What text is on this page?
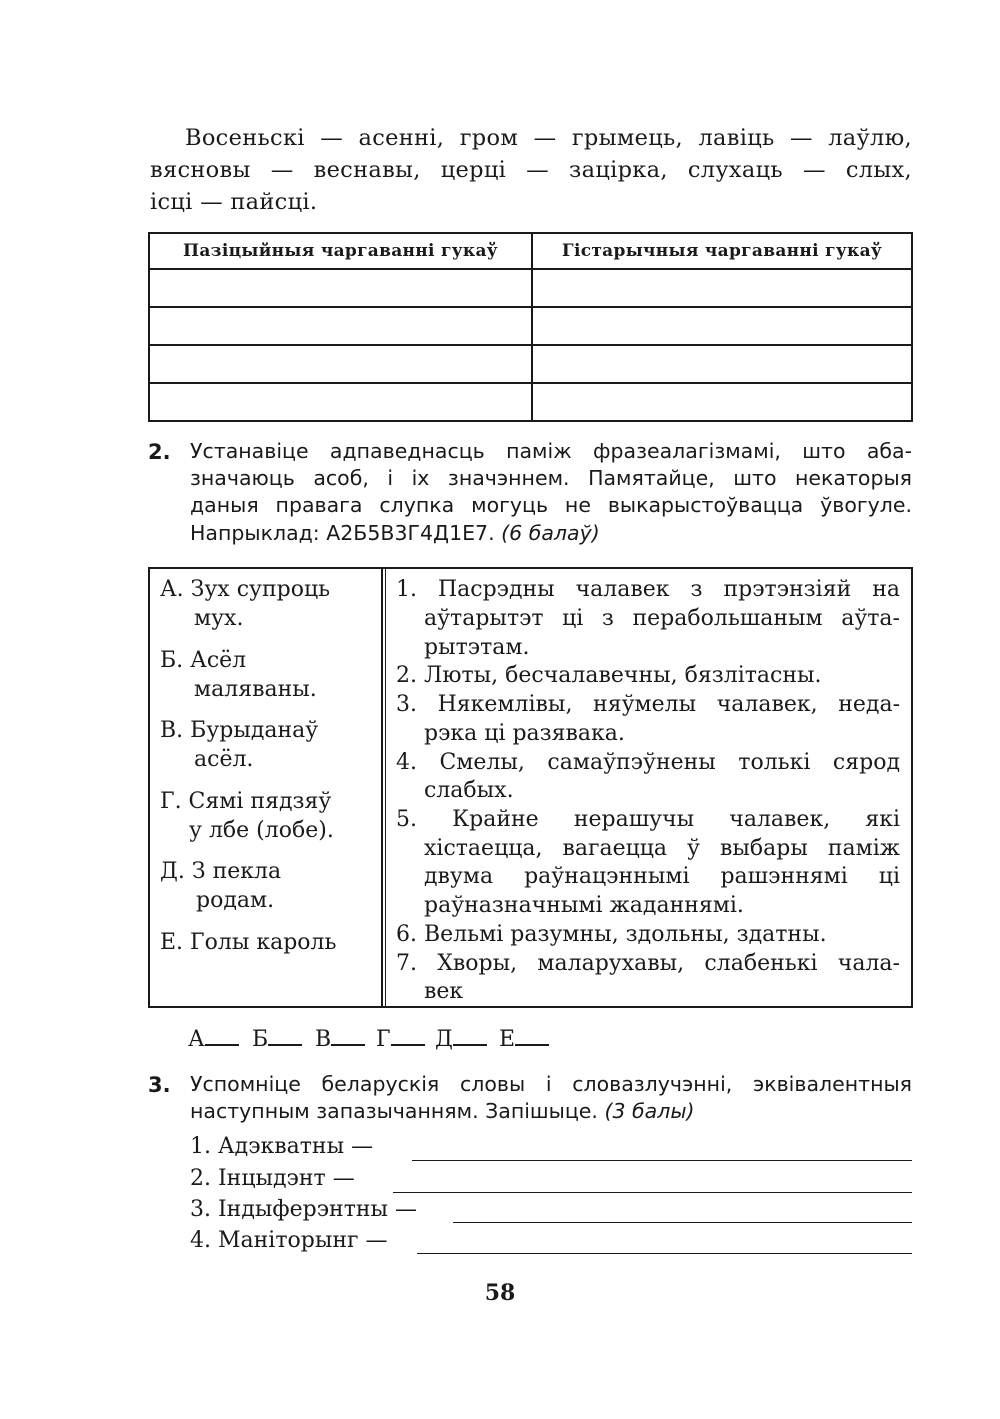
Восеньскі — асенні, гром — грымець, лавіць — лаўлю,
вясновы — веснавы, церці — зацірка, слухаць — слых,
ісці — пайсці.
Пазіцыйныя чаргаванні гукаў	Гістарычныя чаргаванні гукаў

2. Устанавіце адпаведнасць паміж фразеалагізмамі, што аба-
значаюць асоб, і іх значэннем. Памятайце, што некаторыя
даныя правага слупка могуць не выкарыстоўвацца ўвогуле.
Напрыклад: А2Б5В3Г4Д1Е7. (6 балаў)
А. Зух супроць
мух.
Б. Асёл
маляваны.
В. Бурыданаў
асёл.
Г. Сямі пядзяў
у лбе (лобе).
Д. З пекла
родам.
Е. Голы кароль
1. Пасрэдны чалавек з прэтэнзіяй на
аўтарытэт ці з перабольшаным аўта-
рытэтам.
2. Люты, бесчалавечны, бязлітасны.
3. Някемлівы, няўмелы чалавек, неда-
рэка ці разявака.
4. Смелы, самаўпэўнены толькі сярод
слабых.
5. Крайне нерашучы чалавек, які
хістаецца, вагаецца ў выбары паміж
двума раўнацэннымі рашэннямі ці
раўназначнымі жаданнямі.
6. Вельмі разумны, здольны, здатны.
7. Хворы, маларухавы, слабенькі чала-
век
А	Б	В	Г	Д	Е
3. Успомніце беларускія словы і словазлучэнні, эквівалентныя
наступным запазычанням. Запішыце. (3 балы)
1. Адэкватны —
2. Інцыдэнт —
3. Індыферэнтны —
4. Маніторынг —
58
